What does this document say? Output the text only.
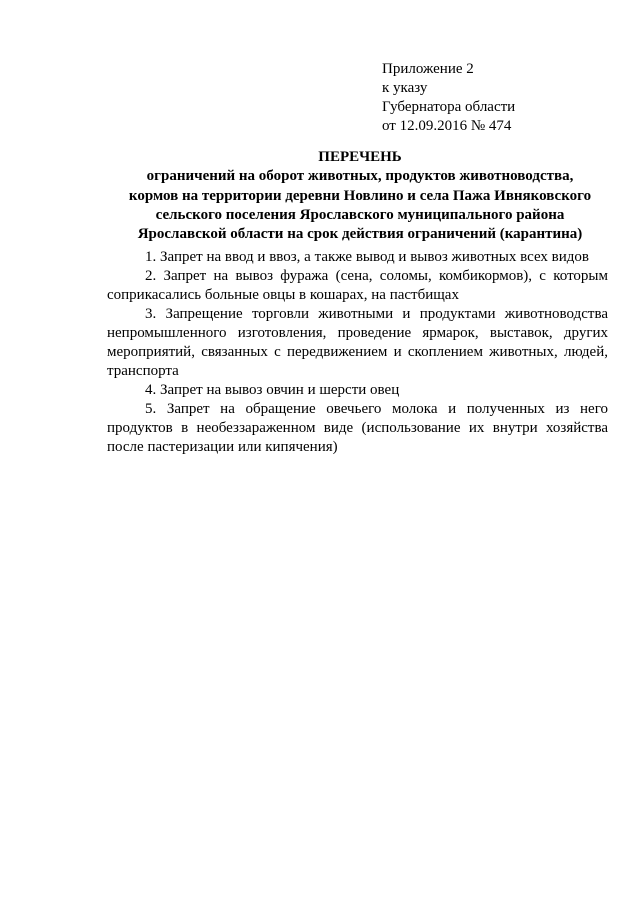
Приложение 2
к указу
Губернатора области
от 12.09.2016 № 474
ПЕРЕЧЕНЬ
ограничений на оборот животных, продуктов животноводства,
кормов на территории деревни Новлино и села Пажа Ивняковского
сельского поселения Ярославского муниципального района
Ярославской области на срок действия ограничений (карантина)

1. Запрет на ввод и ввоз, а также вывод и вывоз животных всех видов

2. Запрет на вывоз фуража (сена, соломы, комбикормов), с которым соприкасались больные овцы в кошарах, на пастбищах

3. Запрещение торговли животными и продуктами животноводства непромышленного изготовления, проведение ярмарок, выставок, других мероприятий, связанных с передвижением и скоплением животных, людей, транспорта

4. Запрет на вывоз овчин и шерсти овец

5. Запрет на обращение овечьего молока и полученных из него продуктов в необеззараженном виде (использование их внутри хозяйства после пастеризации или кипячения)
